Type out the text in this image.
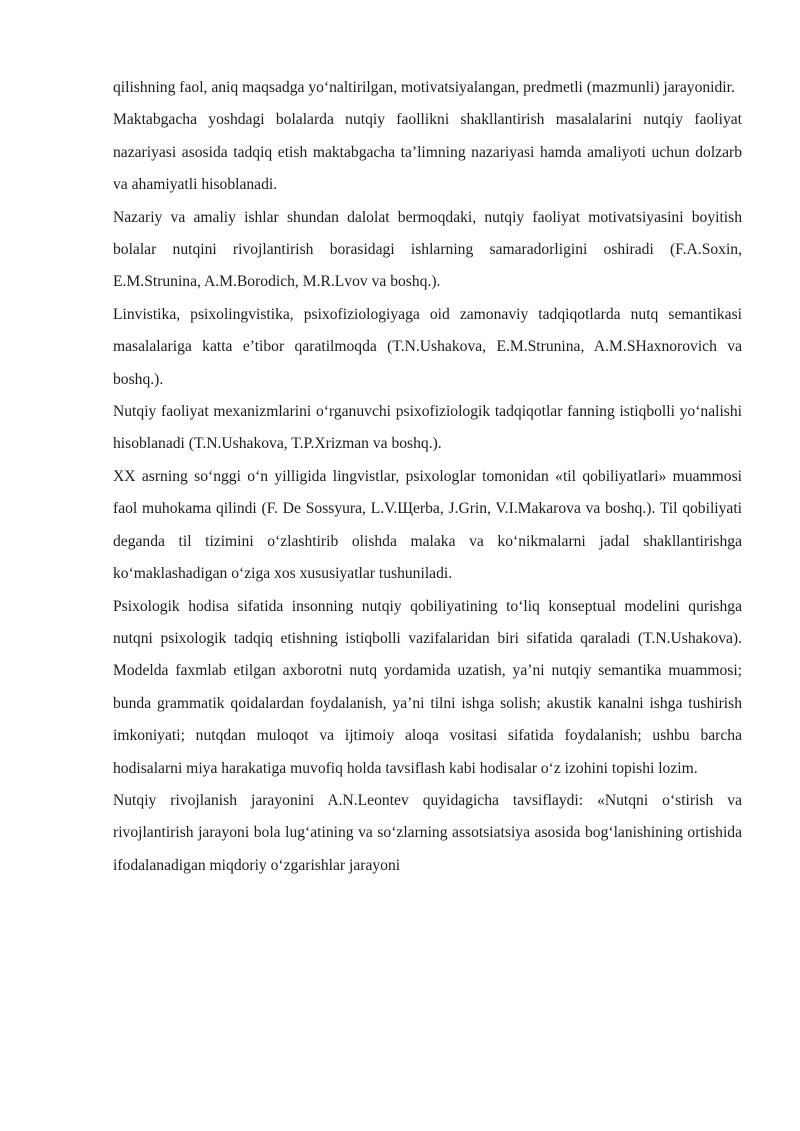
qilishning faol, aniq maqsadga yo‘naltirilgan, motivatsiyalangan, predmetli (mazmunli) jarayonidir.

Maktabgacha yoshdagi bolalarda nutqiy faollikni shakllantirish masalalarini nutqiy faoliyat nazariyasi asosida tadqiq etish maktabgacha ta’limning nazariyasi hamda amaliyoti uchun dolzarb va ahamiyatli hisoblanadi.

Nazariy va amaliy ishlar shundan dalolat bermoqdaki, nutqiy faoliyat motivatsiyasini boyitish bolalar nutqini rivojlantirish borasidagi ishlarning samaradorligini oshiradi (F.A.Soxin, E.M.Strunina, A.M.Borodich, M.R.Lvov va boshq.).

Linvistika, psixolingvistika, psixofiziologiyaga oid zamonaviy tadqiqotlarda nutq semantikasi masalalariga katta e’tibor qaratilmoqda (T.N.Ushakova, E.M.Strunina, A.M.SHaxnorovich va boshq.).

Nutqiy faoliyat mexanizmlarini o‘rganuvchi psixofiziologik tadqiqotlar fanning istiqbolli yo‘nalishi hisoblanadi (T.N.Ushakova, T.P.Xrizman va boshq.).

XX asrning so‘nggi o‘n yilligida lingvistlar, psixologlar tomonidan «til qobiliyatlari» muammosi faol muhokama qilindi (F. De Sossyura, L.V.Щerba, J.Grin, V.I.Makarova va boshq.). Til qobiliyati deganda til tizimini o‘zlashtirib olishda malaka va ko‘nikmalarni jadal shakllantirishga ko‘maklashadigan o‘ziga xos xususiyatlar tushuniladi.

Psixologik hodisa sifatida insonning nutqiy qobiliyatining to‘liq konseptual modelini qurishga nutqni psixologik tadqiq etishning istiqbolli vazifalaridan biri sifatida qaraladi (T.N.Ushakova). Modelda faxmlab etilgan axborotni nutq yordamida uzatish, ya’ni nutqiy semantika muammosi; bunda grammatik qoidalardan foydalanish, ya’ni tilni ishga solish; akustik kanalni ishga tushirish imkoniyati; nutqdan muloqot va ijtimoiy aloqa vositasi sifatida foydalanish; ushbu barcha hodisalarni miya harakatiga muvofiq holda tavsiflash kabi hodisalar o‘z izohini topishi lozim.

Nutqiy rivojlanish jarayonini A.N.Leontev quyidagicha tavsiflaydi: «Nutqni o‘stirish va rivojlantirish jarayoni bola lug‘atining va so‘zlarning assotsiatsiya asosida bog‘lanishining ortishida ifodalanadigan miqdoriy o‘zgarishlar jarayoni
